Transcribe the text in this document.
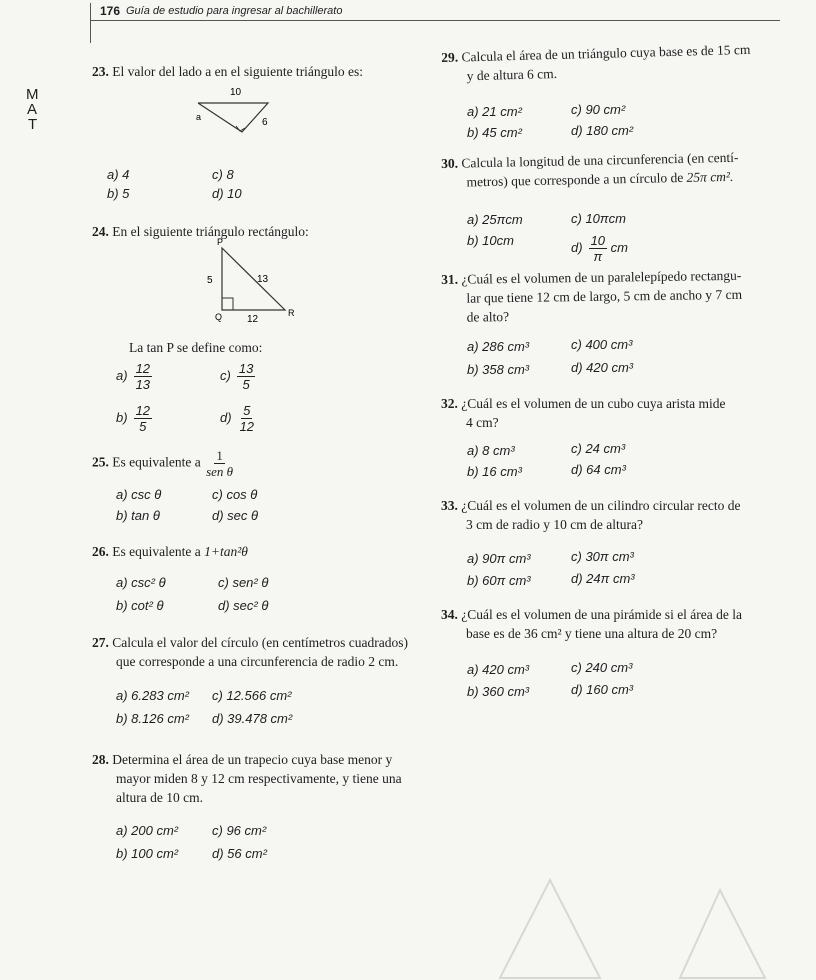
176 Guía de estudio para ingresar al bachillerato
M
A
T
23. El valor del lado a en el siguiente triángulo es:
10
a	6
a) 4
b) 5
c) 8
d) 10
24. En el siguiente triángulo rectángulo:
P
Q	R
5	13
12
La tan P se define como:
$a) \frac{12}{13}$
$b) \frac{12}{5}$
$c) \frac{13}{5}$
$d) \frac{5}{12}$
25. Es equivalente a $\frac{1}{\text{sen θ}}$
a) csc θ
b) tan θ
c) cos θ
d) sec θ
26. Es equivalente a 1+tan²θ
a) csc² θ
b) cot² θ
c) sen² θ
d) sec² θ
27. Calcula el valor del círculo (en centímetros cuadrados)
que corresponde a una circunferencia de radio 2 cm.
a) 6.283 cm²
b) 8.126 cm²
c) 12.566 cm²
d) 39.478 cm²
28. Determina el área de un trapecio cuya base menor y
mayor miden 8 y 12 cm respectivamente, y tiene una
altura de 10 cm.
a) 200 cm²
b) 100 cm²
c) 96 cm²
d) 56 cm²
29. Calcula el área de un triángulo cuya base es de 15 cm
y de altura 6 cm.
a) 21 cm²
b) 45 cm²
c) 90 cm²
d) 180 cm²
30. Calcula la longitud de una circunferencia (en centí-
metros) que corresponde a un círculo de 25π cm².
a) 25πcm
b) 10cm
c) 10πcm
$d) \frac{10}{\pi}$ cm
31. ¿Cuál es el volumen de un paralelepípedo rectangu-
lar que tiene 12 cm de largo, 5 cm de ancho y 7 cm
de alto?
a) 286 cm³
b) 358 cm³
c) 400 cm³
d) 420 cm³
32. ¿Cuál es el volumen de un cubo cuya arista mide
4 cm?
a) 8 cm³
b) 16 cm³
c) 24 cm³
d) 64 cm³
33. ¿Cuál es el volumen de un cilindro circular recto de
3 cm de radio y 10 cm de altura?
a) 90π cm³
b) 60π cm³
c) 30π cm³
d) 24π cm³
34. ¿Cuál es el volumen de una pirámide si el área de la
base es de 36 cm² y tiene una altura de 20 cm?
a) 420 cm³
b) 360 cm³
c) 240 cm³
d) 160 cm³
